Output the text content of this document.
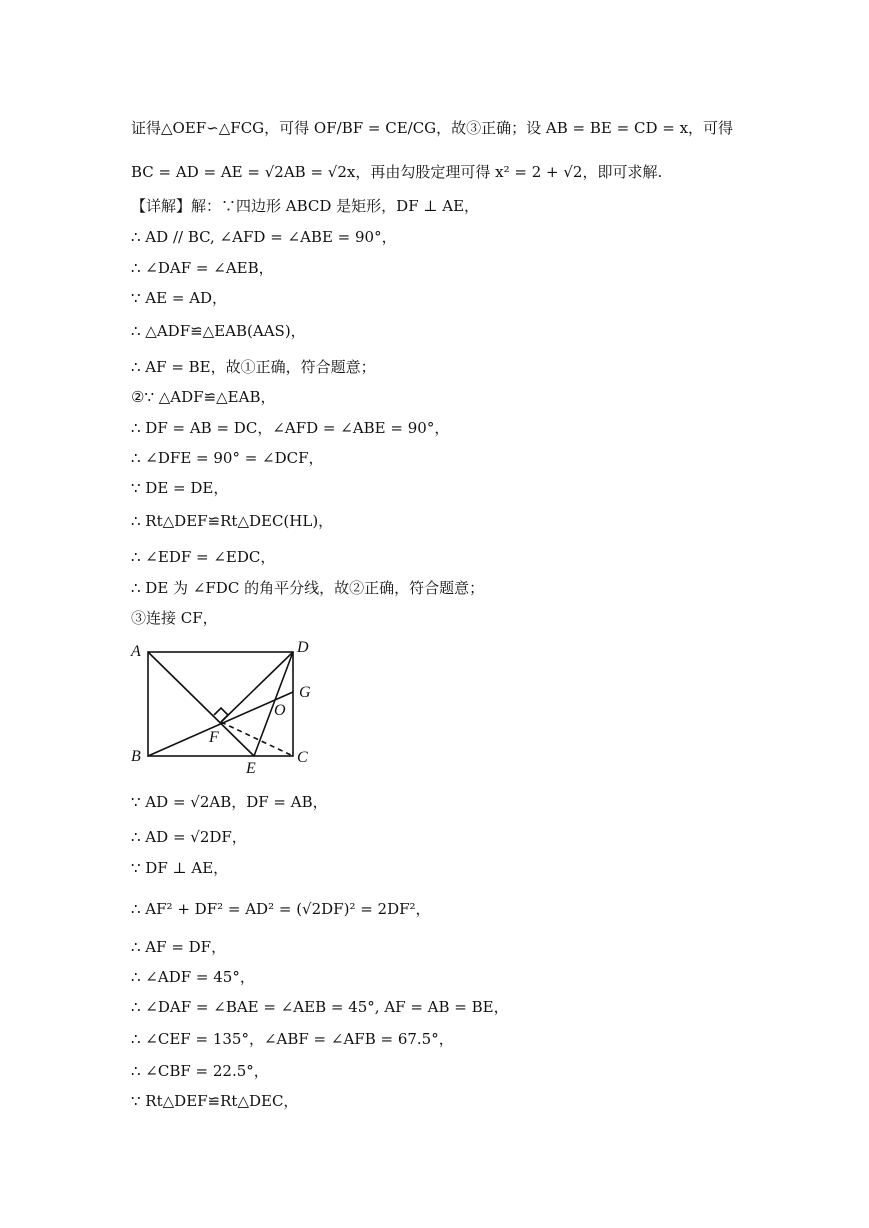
证得△OEF∽△FCG，可得 OF/BF = CE/CG，故③正确；设 AB = BE = CD = x，可得
BC = AD = AE = √2AB = √2x，再由勾股定理可得 x² = 2 + √2，即可求解.
【详解】解：∵四边形 ABCD 是矩形，DF ⊥ AE，
∴ AD // BC, ∠AFD = ∠ABE = 90°，
∴ ∠DAF = ∠AEB，
∵ AE = AD，
∴ △ADF≌△EAB(AAS)，
∴ AF = BE，故①正确，符合题意；
②∵ △ADF≌△EAB，
∴ DF = AB = DC，∠AFD = ∠ABE = 90°，
∴ ∠DFE = 90° = ∠DCF，
∵ DE = DE，
∴ Rt△DEF≌Rt△DEC(HL)，
∴ ∠EDF = ∠EDC，
∴ DE 为 ∠FDC 的角平分线，故②正确，符合题意；
③连接 CF，
A	D
G
O
F
B
E
C
∵ AD = √2AB，DF = AB，
∴ AD = √2DF，
∵ DF ⊥ AE，
∴ AF² + DF² = AD² = (√2DF)² = 2DF²，
∴ AF = DF，
∴ ∠ADF = 45°，
∴ ∠DAF = ∠BAE = ∠AEB = 45°, AF = AB = BE，
∴ ∠CEF = 135°，∠ABF = ∠AFB = 67.5°，
∴ ∠CBF = 22.5°，
∵ Rt△DEF≌Rt△DEC，
